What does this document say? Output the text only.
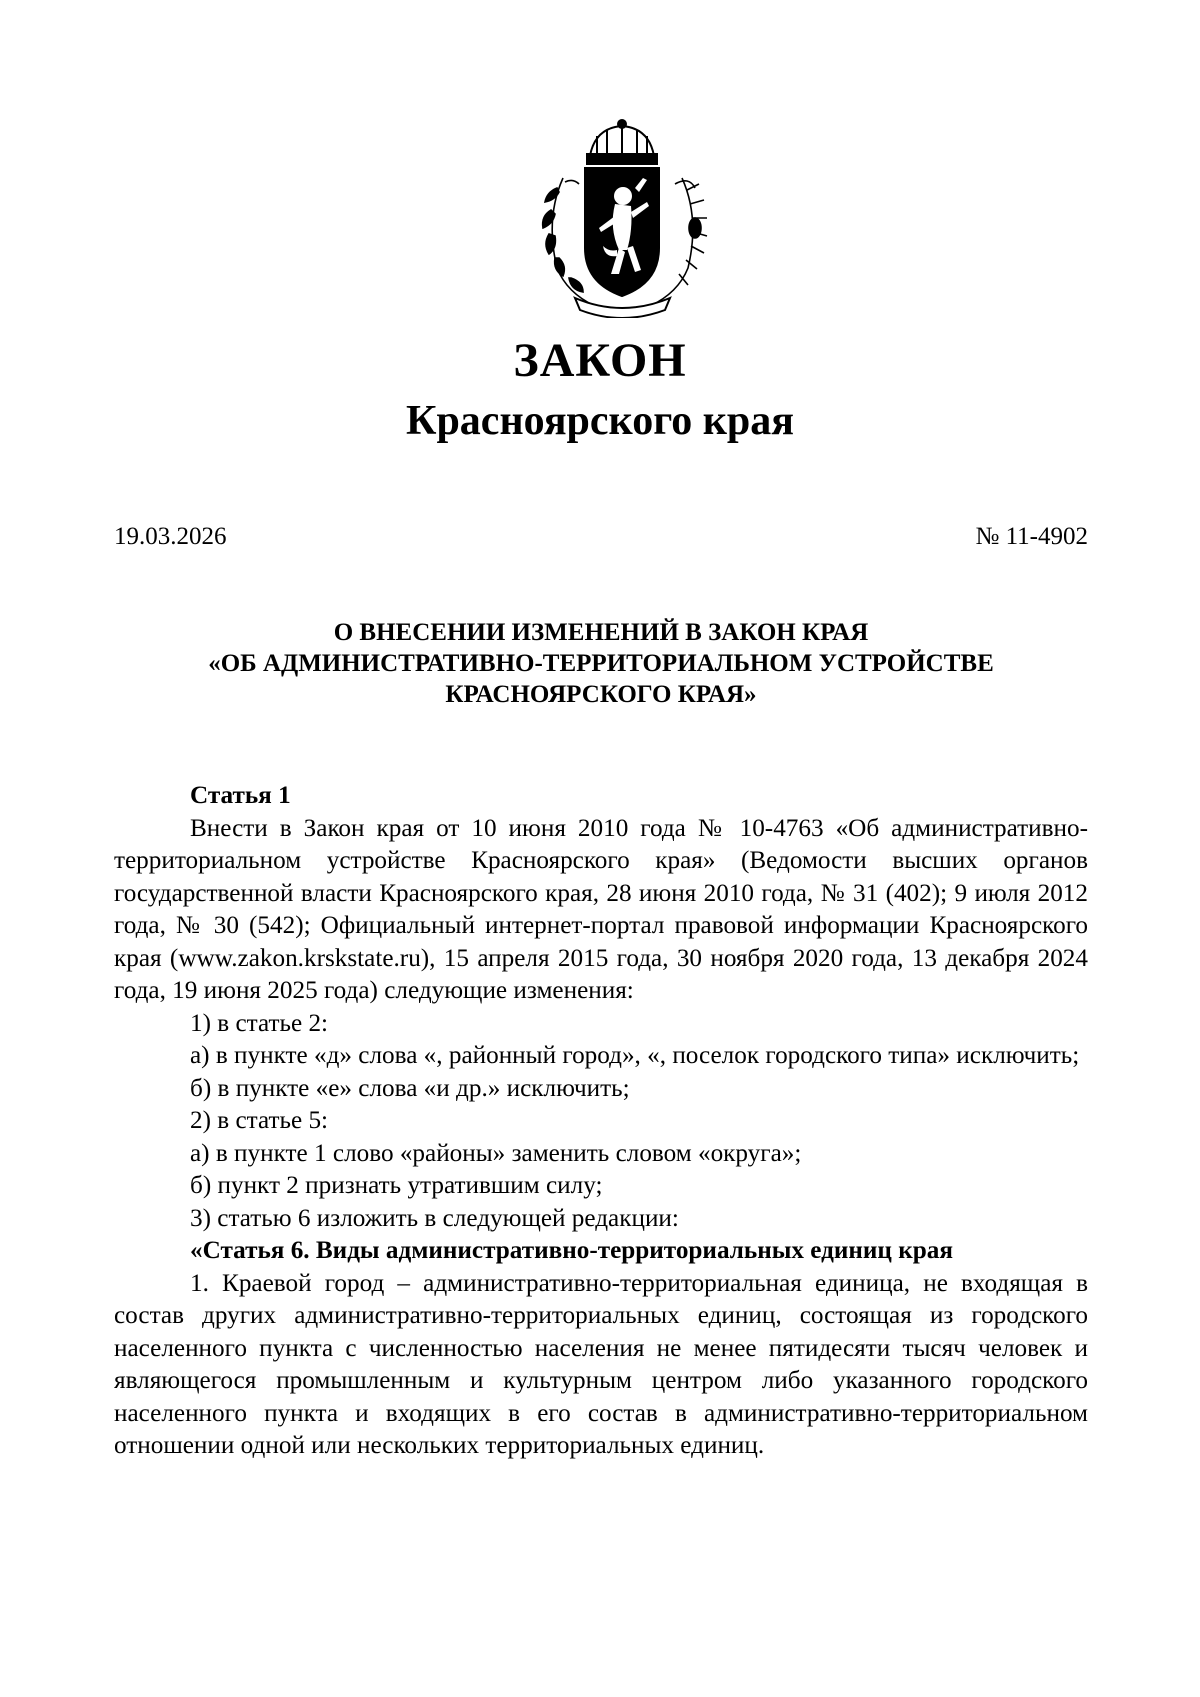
ЗАКОН
Красноярского края
19.03.2026	№ 11-4902
О ВНЕСЕНИИ ИЗМЕНЕНИЙ В ЗАКОН КРАЯ
«ОБ АДМИНИСТРАТИВНО-ТЕРРИТОРИАЛЬНОМ УСТРОЙСТВЕ
КРАСНОЯРСКОГО КРАЯ»

Статья 1

Внести в Закон края от 10 июня 2010 года № 10-4763 «Об административно-территориальном устройстве Красноярского края» (Ведомости высших органов государственной власти Красноярского края, 28 июня 2010 года, № 31 (402); 9 июля 2012 года, № 30 (542); Официальный интернет-портал правовой информации Красноярского края (www.zakon.krskstate.ru), 15 апреля 2015 года, 30 ноября 2020 года, 13 декабря 2024 года, 19 июня 2025 года) следующие изменения:

1) в статье 2:

а) в пункте «д» слова «, районный город», «, поселок городского типа» исключить;

б) в пункте «е» слова «и др.» исключить;

2) в статье 5:

а) в пункте 1 слово «районы» заменить словом «округа»;

б) пункт 2 признать утратившим силу;

3) статью 6 изложить в следующей редакции:

«Статья 6. Виды административно-территориальных единиц края

1. Краевой город – административно-территориальная единица, не входящая в состав других административно-территориальных единиц, состоящая из городского населенного пункта с численностью населения не менее пятидесяти тысяч человек и являющегося промышленным и культурным центром либо указанного городского населенного пункта и входящих в его состав в административно-территориальном отношении одной или нескольких территориальных единиц.
